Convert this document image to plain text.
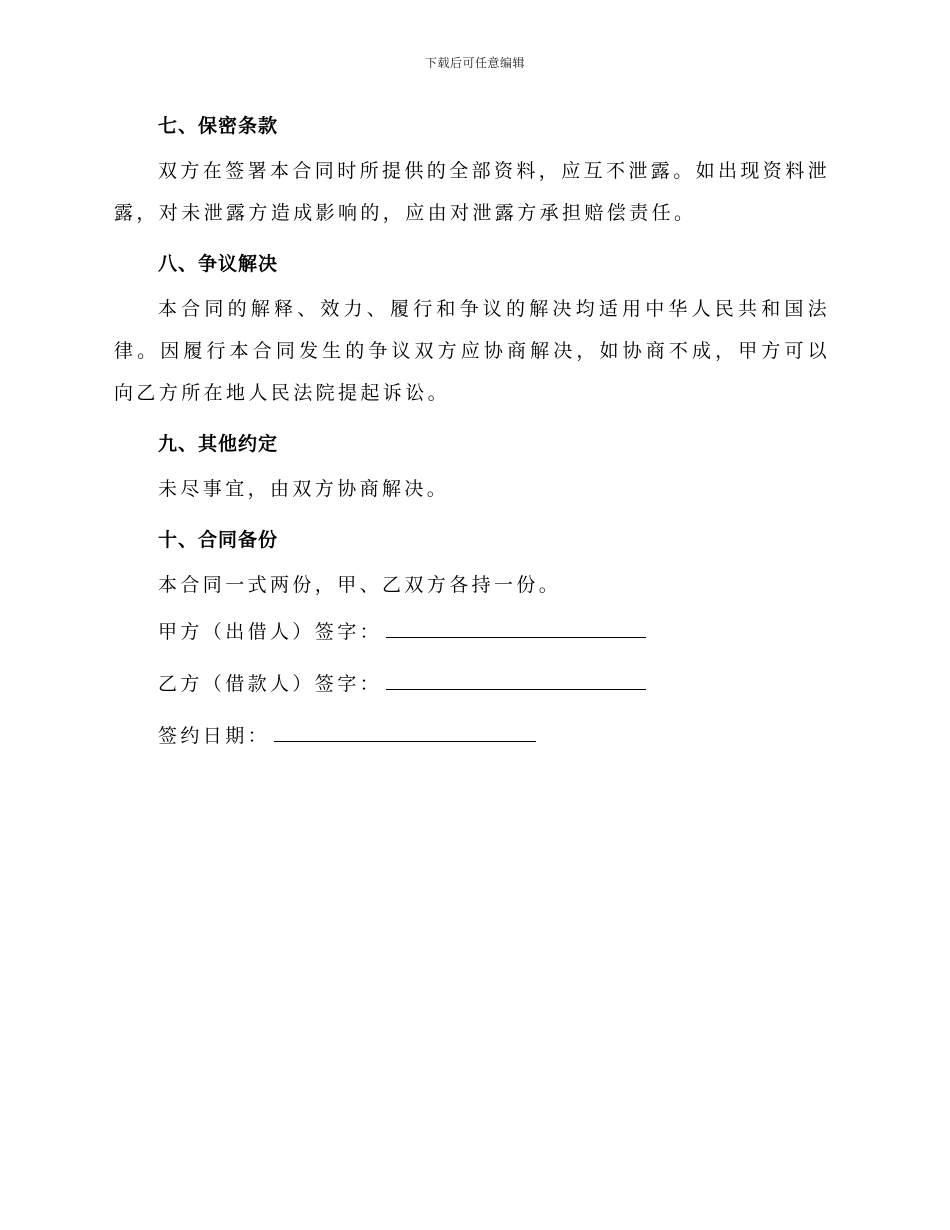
下载后可任意编辑
七、保密条款

双方在签署本合同时所提供的全部资料，应互不泄露。如出现资料泄露，对未泄露方造成影响的，应由对泄露方承担赔偿责任。

八、争议解决

本合同的解释、效力、履行和争议的解决均适用中华人民共和国法律。因履行本合同发生的争议双方应协商解决，如协商不成，甲方可以向乙方所在地人民法院提起诉讼。

九、其他约定

未尽事宜，由双方协商解决。

十、合同备份

本合同一式两份，甲、乙双方各持一份。

甲方（出借人）签字：
乙方（借款人）签字：
签约日期：
